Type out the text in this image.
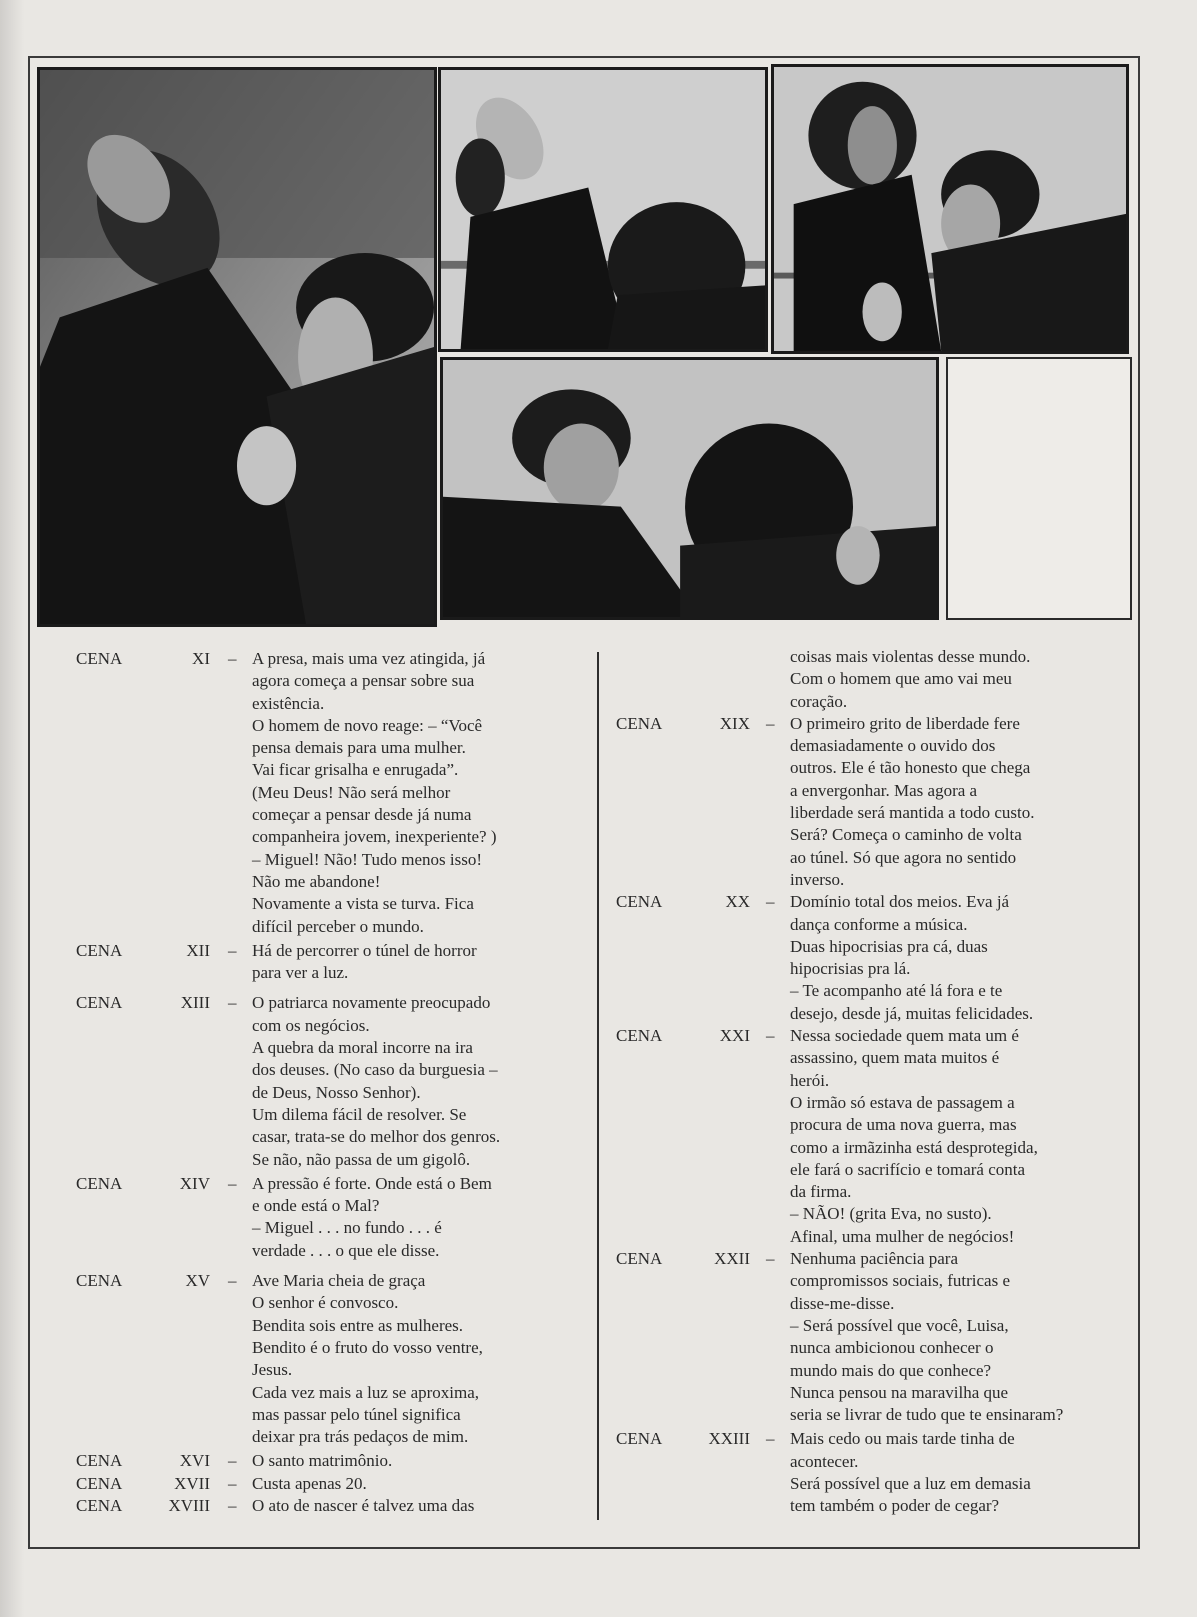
CENA	XI – A presa, mais uma vez atingida, já
agora começa a pensar sobre sua
existência.
O homem de novo reage: – “Você
pensa demais para uma mulher.
Vai ficar grisalha e enrugada”.
(Meu Deus! Não será melhor
começar a pensar desde já numa
companheira jovem, inexperiente? )
– Miguel! Não! Tudo menos isso!
Não me abandone!
Novamente a vista se turva. Fica
difícil perceber o mundo.
CENA	XII – Há de percorrer o túnel de horror
para ver a luz.
CENA	XIII – O patriarca novamente preocupado
com os negócios.
A quebra da moral incorre na ira
dos deuses. (No caso da burguesia –
de Deus, Nosso Senhor).
Um dilema fácil de resolver. Se
casar, trata-se do melhor dos genros.
Se não, não passa de um gigolô.
CENA	XIV – A pressão é forte. Onde está o Bem
e onde está o Mal?
– Miguel . . . no fundo . . . é
verdade . . . o que ele disse.
CENA	XV – Ave Maria cheia de graça
O senhor é convosco.
Bendita sois entre as mulheres.
Bendito é o fruto do vosso ventre,
Jesus.
Cada vez mais a luz se aproxima,
mas passar pelo túnel significa
deixar pra trás pedaços de mim.
CENA	XVI – O santo matrimônio.
CENA	XVII – Custa apenas 20.
CENA	XVIII – O ato de nascer é talvez uma das
coisas mais violentas desse mundo.
Com o homem que amo vai meu
coração.
CENA	XIX – O primeiro grito de liberdade fere
demasiadamente o ouvido dos
outros. Ele é tão honesto que chega
a envergonhar. Mas agora a
liberdade será mantida a todo custo.
Será? Começa o caminho de volta
ao túnel. Só que agora no sentido
inverso.
CENA	XX – Domínio total dos meios. Eva já
dança conforme a música.
Duas hipocrisias pra cá, duas
hipocrisias pra lá.
– Te acompanho até lá fora e te
desejo, desde já, muitas felicidades.
CENA	XXI – Nessa sociedade quem mata um é
assassino, quem mata muitos é
herói.
O irmão só estava de passagem a
procura de uma nova guerra, mas
como a irmãzinha está desprotegida,
ele fará o sacrifício e tomará conta
da firma.
– NÃO! (grita Eva, no susto).
Afinal, uma mulher de negócios!
CENA	XXII – Nenhuma paciência para
compromissos sociais, futricas e
disse-me-disse.
– Será possível que você, Luisa,
nunca ambicionou conhecer o
mundo mais do que conhece?
Nunca pensou na maravilha que
seria se livrar de tudo que te ensinaram?
CENA	XXIII – Mais cedo ou mais tarde tinha de
acontecer.
Será possível que a luz em demasia
tem também o poder de cegar?
